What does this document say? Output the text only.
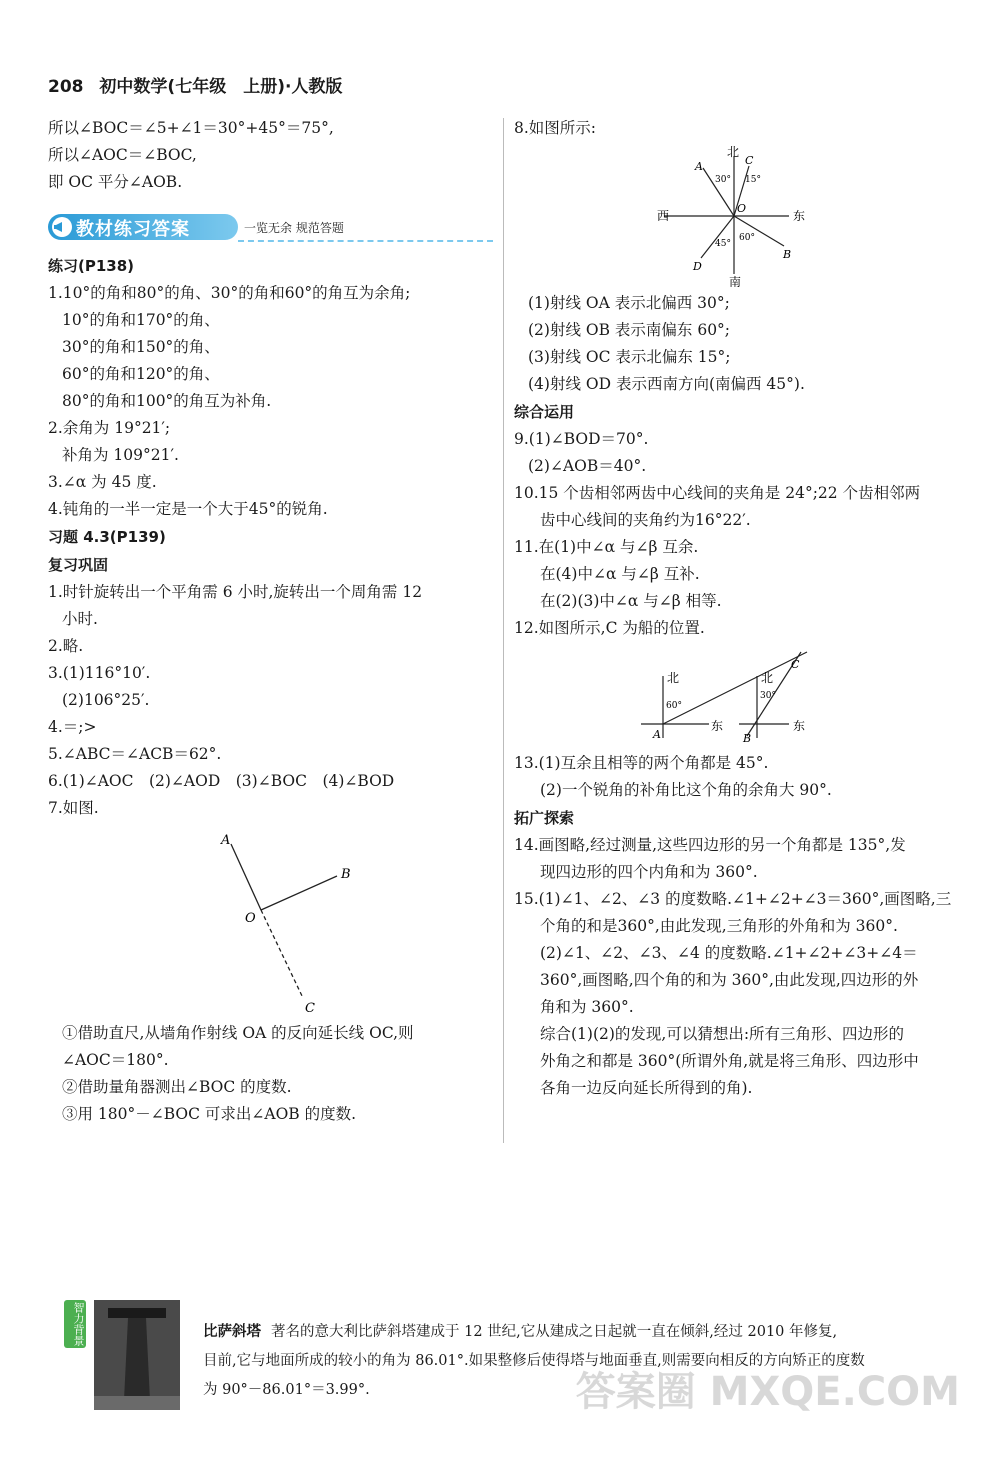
208 初中数学(七年级　上册)·人教版
所以∠BOC＝∠5+∠1＝30°+45°＝75°,
所以∠AOC＝∠BOC,
即 OC 平分∠AOB.
教材练习答案	一览无余 规范答题
练习(P138)
1.10°的角和80°的角、30°的角和60°的角互为余角;
10°的角和170°的角、
30°的角和150°的角、
60°的角和120°的角、
80°的角和100°的角互为补角.
2.余角为 19°21′;
补角为 109°21′.
3.∠α 为 45 度.
4.钝角的一半一定是一个大于45°的锐角.
习题 4.3(P139)
复习巩固
1.时针旋转出一个平角需 6 小时,旋转出一个周角需 12
小时.
2.略.
3.(1)116°10′.
(2)106°25′.
4.＝;>
5.∠ABC＝∠ACB＝62°.
6.(1)∠AOC　(2)∠AOD　(3)∠BOC　(4)∠BOD
7.如图.
A
B
O
C
①借助直尺,从墙角作射线 OA 的反向延长线 OC,则
∠AOC＝180°.
②借助量角器测出∠BOC 的度数.
③用 180°－∠BOC 可求出∠AOB 的度数.
8.如图所示:
北
南
西	东
A	C
B
D
O
30° 15°
60°
45°
(1)射线 OA 表示北偏西 30°;
(2)射线 OB 表示南偏东 60°;
(3)射线 OC 表示北偏东 15°;
(4)射线 OD 表示西南方向(南偏西 45°).
综合运用
9.(1)∠BOD＝70°.
(2)∠AOB＝40°.
10.15 个齿相邻两齿中心线间的夹角是 24°;22 个齿相邻两
齿中心线间的夹角约为16°22′.
11.在(1)中∠α 与∠β 互余.
在(4)中∠α 与∠β 互补.
在(2)(3)中∠α 与∠β 相等.
12.如图所示,C 为船的位置.
北	北
东	东
A	B
C
60°
30°
13.(1)互余且相等的两个角都是 45°.
(2)一个锐角的补角比这个角的余角大 90°.
拓广探索
14.画图略,经过测量,这些四边形的另一个角都是 135°,发
现四边形的四个内角和为 360°.
15.(1)∠1、∠2、∠3 的度数略.∠1+∠2+∠3＝360°,画图略,三
个角的和是360°,由此发现,三角形的外角和为 360°.
(2)∠1、∠2、∠3、∠4 的度数略.∠1+∠2+∠3+∠4＝
360°,画图略,四个角的和为 360°,由此发现,四边形的外
角和为 360°.
综合(1)(2)的发现,可以猜想出:所有三角形、四边形的
外角之和都是 360°(所谓外角,就是将三角形、四边形中
各角一边反向延长所得到的角).
智力背景	比萨斜塔 著名的意大利比萨斜塔建成于 12 世纪,它从建成之日起就一直在倾斜,经过 2010 年修复,
目前,它与地面所成的较小的角为 86.01°.如果整修后使得塔与地面垂直,则需要向相反的方向矫正的度数
为 90°－86.01°＝3.99°.	答案圈 MXQE.COM
